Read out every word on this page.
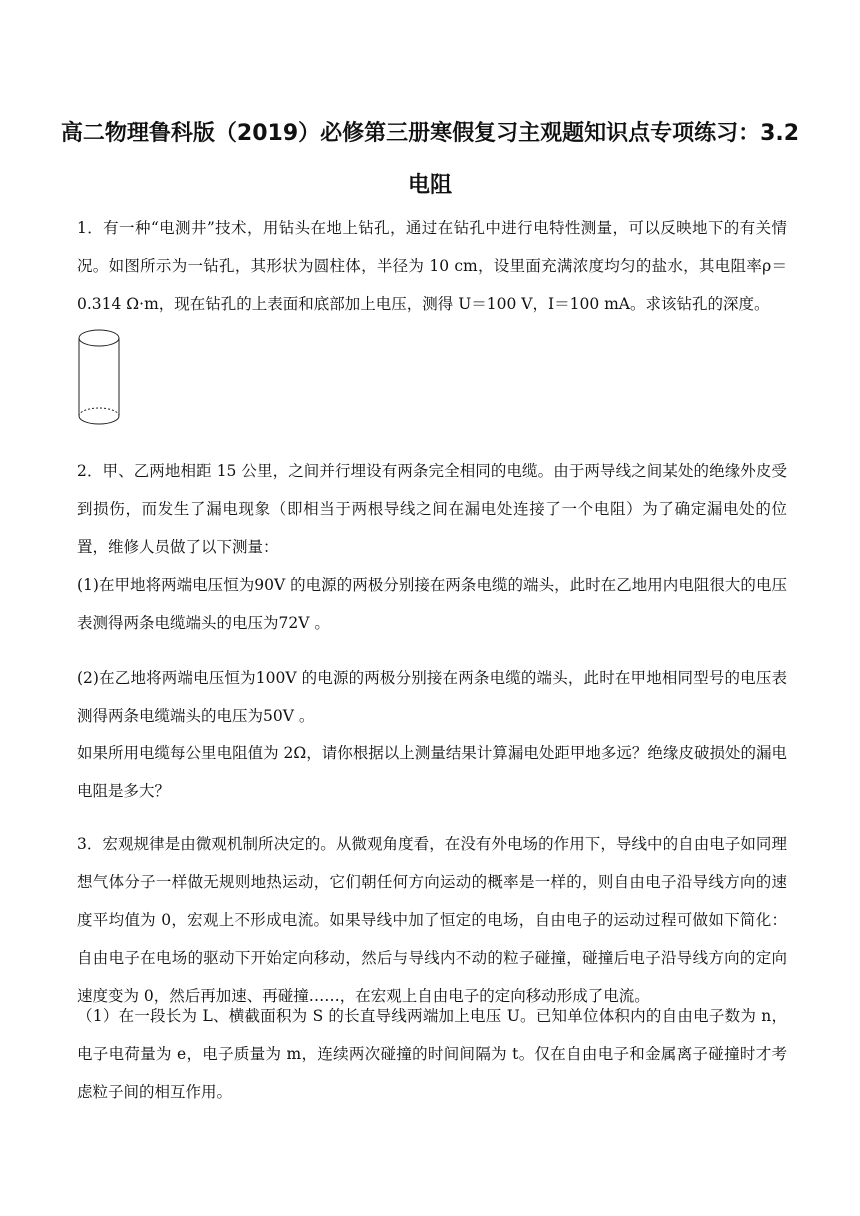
高二物理鲁科版（2019）必修第三册寒假复习主观题知识点专项练习：3.2电阻
1．有一种“电测井”技术，用钻头在地上钻孔，通过在钻孔中进行电特性测量，可以反映地下的有关情况。如图所示为一钻孔，其形状为圆柱体，半径为 10 cm，设里面充满浓度均匀的盐水，其电阻率ρ＝0.314 Ω·m，现在钻孔的上表面和底部加上电压，测得 U＝100 V，I＝100 mA。求该钻孔的深度。
2．甲、乙两地相距 15 公里，之间并行埋设有两条完全相同的电缆。由于两导线之间某处的绝缘外皮受到损伤，而发生了漏电现象（即相当于两根导线之间在漏电处连接了一个电阻）为了确定漏电处的位置，维修人员做了以下测量：
(1)在甲地将两端电压恒为90V 的电源的两极分别接在两条电缆的端头，此时在乙地用内电阻很大的电压表测得两条电缆端头的电压为72V 。
(2)在乙地将两端电压恒为100V 的电源的两极分别接在两条电缆的端头，此时在甲地相同型号的电压表测得两条电缆端头的电压为50V 。
如果所用电缆每公里电阻值为 2Ω，请你根据以上测量结果计算漏电处距甲地多远？绝缘皮破损处的漏电电阻是多大？
3．宏观规律是由微观机制所决定的。从微观角度看，在没有外电场的作用下，导线中的自由电子如同理想气体分子一样做无规则地热运动，它们朝任何方向运动的概率是一样的，则自由电子沿导线方向的速度平均值为 0，宏观上不形成电流。如果导线中加了恒定的电场，自由电子的运动过程可做如下简化：自由电子在电场的驱动下开始定向移动，然后与导线内不动的粒子碰撞，碰撞后电子沿导线方向的定向速度变为 0，然后再加速、再碰撞……，在宏观上自由电子的定向移动形成了电流。
（1）在一段长为 L、横截面积为 S 的长直导线两端加上电压 U。已知单位体积内的自由电子数为 n，电子电荷量为 e，电子质量为 m，连续两次碰撞的时间间隔为 t。仅在自由电子和金属离子碰撞时才考虑粒子间的相互作用。
